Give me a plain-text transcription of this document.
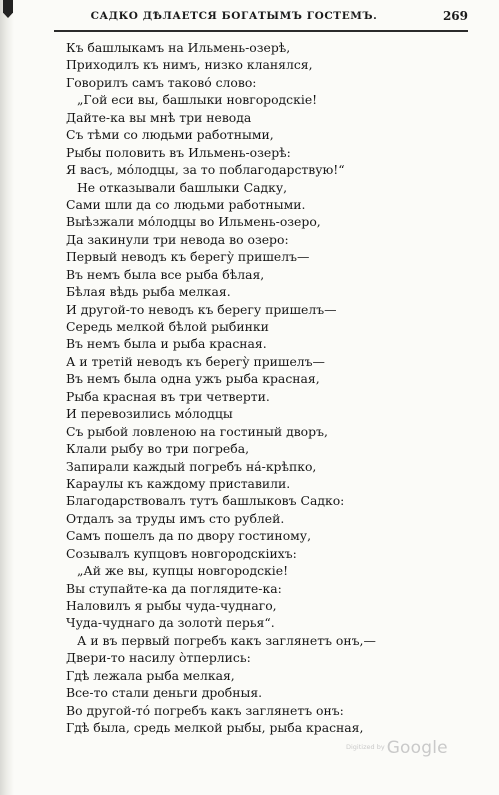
САДКО ДѢЛАЕТСЯ БОГАТЫМЪ ГОСТЕМЪ.	269
Къ башлыкамъ на Ильмень-озерѣ,
Приходилъ къ нимъ, низко кланялся,
Говорилъ самъ таковó слово:
„Гой еси вы, башлыки новгородскіе!
Дайте-ка вы мнѣ три невода
Съ тѣми со людьми работными,
Рыбы половить въ Ильмень-озерѣ:
Я васъ, мóлодцы, за то поблагодарствую!“
Не отказывали башлыки Садку,
Сами шли да со людьми работными.
Выѣзжали мóлодцы во Ильмень-озеро,
Да закинули три невода во озеро:
Первый неводъ къ берегу̀ пришелъ—
Въ немъ была все рыба бѣлая,
Бѣлая вѣдь рыба мелкая.
И другой-то неводъ къ берегу пришелъ—
Середь мелкой бѣлой рыбинки
Въ немъ была и рыба красная.
А и третій неводъ къ берегу̀ пришелъ—
Въ немъ была одна ужъ рыба красная,
Рыба красная въ три четверти.
И перевозились мóлодцы
Съ рыбой ловленою на гостиный дворъ,
Клали рыбу во три погреба,
Запирали каждый погребъ нá-крѣпко,
Караулы къ каждому приставили.
Благодарствовалъ тутъ башлыковъ Садко:
Отдалъ за труды имъ сто рублей.
Самъ пошелъ да по двору гостиному,
Созывалъ купцовъ новгородскіихъ:
„Ай же вы, купцы новгородскіе!
Вы ступайте-ка да поглядите-ка:
Наловилъ я рыбы чуда-чуднаго,
Чуда-чуднаго да золотѝ перья“.
А и въ первый погребъ какъ заглянетъ онъ,—
Двери-то насилу òтперлись:
Гдѣ лежала рыба мелкая,
Все-то стали деньги дробныя.
Во другой-тó погребъ какъ заглянетъ онъ:
Гдѣ была, средь мелкой рыбы, рыба красная,
$^{Digitized by}$ Google
